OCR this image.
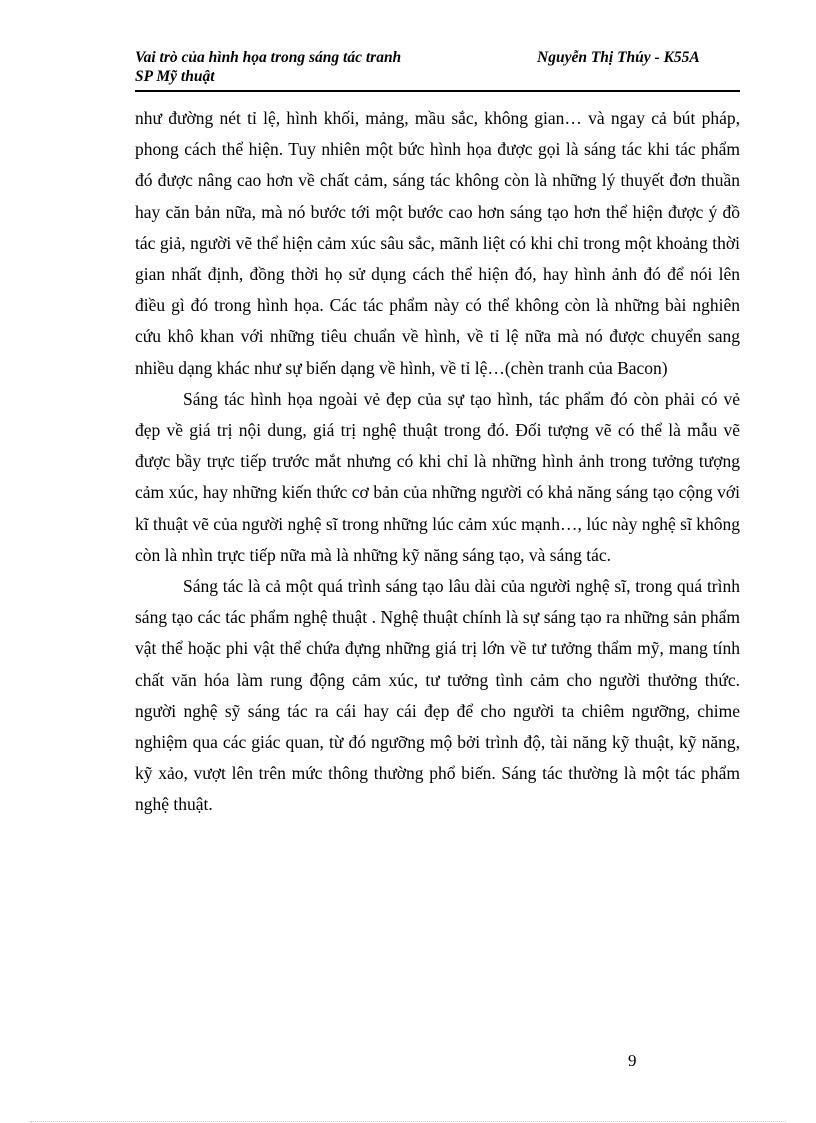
Vai trò của hình họa trong sáng tác tranh
SP Mỹ thuật
Nguyễn Thị Thúy - K55A

như đường nét tỉ lệ, hình khối, mảng, mầu sắc, không gian… và ngay cả bút pháp, phong cách thể hiện. Tuy nhiên một bức hình họa được gọi là sáng tác khi tác phẩm đó được nâng cao hơn về chất cảm, sáng tác không còn là những lý thuyết đơn thuần hay căn bản nữa, mà nó bước tới một bước cao hơn sáng tạo hơn thể hiện được ý đồ tác giả, người vẽ thể hiện cảm xúc sâu sắc, mãnh liệt có khi chỉ trong một khoảng thời gian nhất định, đồng thời họ sử dụng cách thể hiện đó, hay hình ảnh đó để nói lên điều gì đó trong hình họa. Các tác phẩm này có thể không còn là những bài nghiên cứu khô khan với những tiêu chuẩn về hình, về tỉ lệ nữa mà nó được chuyển sang nhiều dạng khác như sự biến dạng về hình, về tỉ lệ…(chèn tranh của Bacon)

Sáng tác hình họa ngoài vẻ đẹp của sự tạo hình, tác phẩm đó còn phải có vẻ đẹp về giá trị nội dung, giá trị nghệ thuật trong đó. Đối tượng vẽ có thể là mẫu vẽ được bầy trực tiếp trước mắt nhưng có khi chỉ là những hình ảnh trong tưởng tượng cảm xúc, hay những kiến thức cơ bản của những người có khả năng sáng tạo cộng với kĩ thuật vẽ của người nghệ sĩ trong những lúc cảm xúc mạnh…, lúc này nghệ sĩ không còn là nhìn trực tiếp nữa mà là những kỹ năng sáng tạo, và sáng tác.

Sáng tác là cả một quá trình sáng tạo lâu dài của người nghệ sĩ, trong quá trình sáng tạo các tác phẩm nghệ thuật . Nghệ thuật chính là sự sáng tạo ra những sản phẩm vật thể hoặc phi vật thể chứa đựng những giá trị lớn về tư tưởng thẩm mỹ, mang tính chất văn hóa làm rung động cảm xúc, tư tưởng tình cảm cho người thưởng thức. người nghệ sỹ sáng tác ra cái hay cái đẹp để cho người ta chiêm ngưỡng, chime nghiệm qua các giác quan, từ đó ngưỡng mộ bởi trình độ, tài năng kỹ thuật, kỹ năng, kỹ xảo, vượt lên trên mức thông thường phổ biến. Sáng tác thường là một tác phẩm nghệ thuật.

9
